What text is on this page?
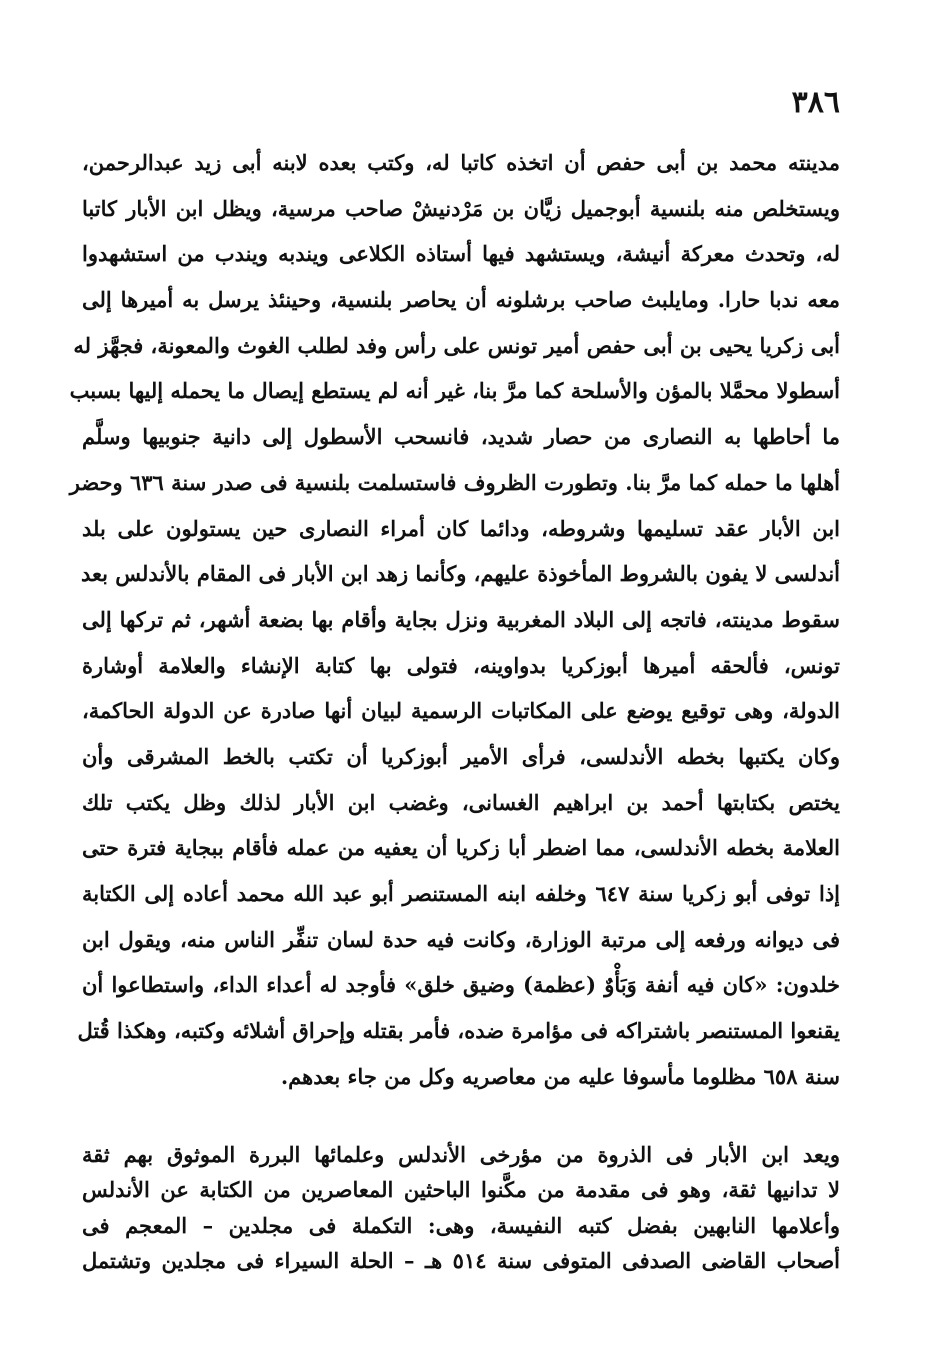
٣٨٦
مدينته محمد بن أبى حفص أن اتخذه كاتبا له، وكتب بعده لابنه أبى زيد عبدالرحمن،
ويستخلص منه بلنسية أبوجميل زيَّان بن مَرْدنيشْ صاحب مرسية، ويظل ابن الأبار كاتبا
له، وتحدث معركة أنيشة، ويستشهد فيها أستاذه الكلاعى ويندبه ويندب من استشهدوا
معه ندبا حارا. ومايلبث صاحب برشلونه أن يحاصر بلنسية، وحينئذ يرسل به أميرها إلى
أبى زكريا يحيى بن أبى حفص أمير تونس على رأس وفد لطلب الغوث والمعونة، فجهَّز له
أسطولا محمَّلا بالمؤن والأسلحة كما مرَّ بنا، غير أنه لم يستطع إيصال ما يحمله إليها بسبب
ما أحاطها به النصارى من حصار شديد، فانسحب الأسطول إلى دانية جنوبيها وسلَّم
أهلها ما حمله كما مرَّ بنا. وتطورت الظروف فاستسلمت بلنسية فى صدر سنة ٦٣٦ وحضر
ابن الأبار عقد تسليمها وشروطه، ودائما كان أمراء النصارى حين يستولون على بلد
أندلسى لا يفون بالشروط المأخوذة عليهم، وكأنما زهد ابن الأبار فى المقام بالأندلس بعد
سقوط مدينته، فاتجه إلى البلاد المغربية ونزل بجاية وأقام بها بضعة أشهر، ثم تركها إلى
تونس، فألحقه أميرها أبوزكريا بدواوينه، فتولى بها كتابة الإنشاء والعلامة أوشارة
الدولة، وهى توقيع يوضع على المكاتبات الرسمية لبيان أنها صادرة عن الدولة الحاكمة،
وكان يكتبها بخطه الأندلسى، فرأى الأمير أبوزكريا أن تكتب بالخط المشرقى وأن
يختص بكتابتها أحمد بن ابراهيم الغسانى، وغضب ابن الأبار لذلك وظل يكتب تلك
العلامة بخطه الأندلسى، مما اضطر أبا زكريا أن يعفيه من عمله فأقام ببجاية فترة حتى
إذا توفى أبو زكريا سنة ٦٤٧ وخلفه ابنه المستنصر أبو عبد الله محمد أعاده إلى الكتابة
فى ديوانه ورفعه إلى مرتبة الوزارة، وكانت فيه حدة لسان تنفِّر الناس منه، ويقول ابن
خلدون: «كان فيه أنفة وَبَأْوٌ (عظمة) وضيق خلق» فأوجد له أعداء الداء، واستطاعوا أن
يقنعوا المستنصر باشتراكه فى مؤامرة ضده، فأمر بقتله وإحراق أشلائه وكتبه، وهكذا قُتل
سنة ٦٥٨ مظلوما مأسوفا عليه من معاصريه وكل من جاء بعدهم.
ويعد ابن الأبار فى الذروة من مؤرخى الأندلس وعلمائها البررة الموثوق بهم ثقة
لا تدانيها ثقة، وهو فى مقدمة من مكَّنوا الباحثين المعاصرين من الكتابة عن الأندلس
وأعلامها النابهين بفضل كتبه النفيسة، وهى: التكملة فى مجلدين – المعجم فى
أصحاب القاضى الصدفى المتوفى سنة ٥١٤ هـ – الحلة السيراء فى مجلدين وتشتمل
